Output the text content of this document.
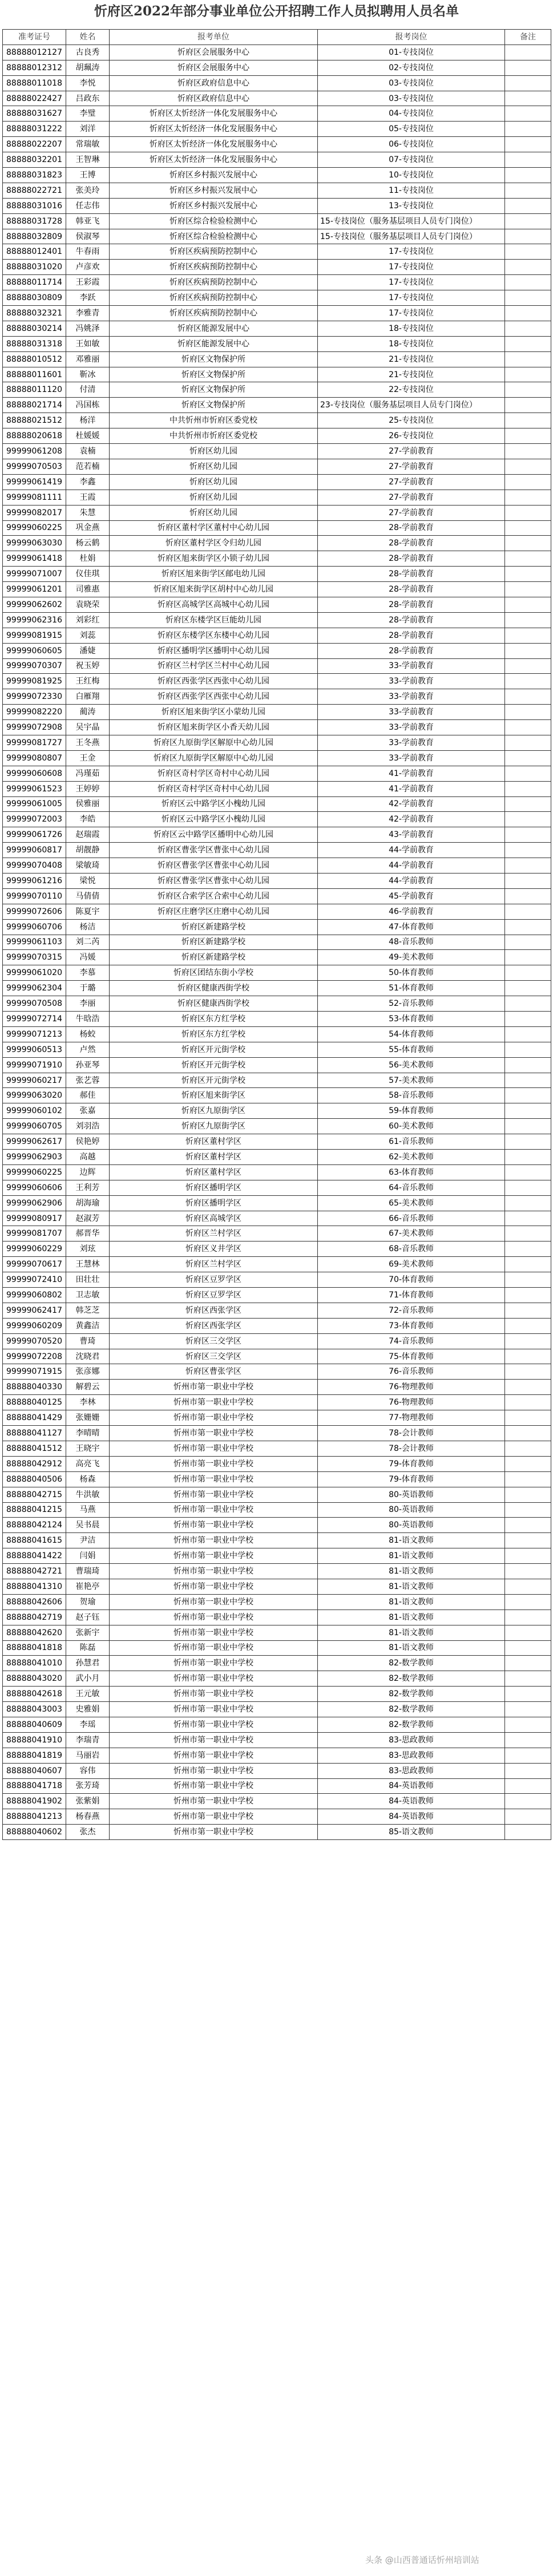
忻府区2022年部分事业单位公开招聘工作人员拟聘用人员名单
准考证号	姓名	报考单位	报考岗位	备注
88888012127	古良秀	忻府区会展服务中心	01-专技岗位	
88888012312	胡珮涛	忻府区会展服务中心	02-专技岗位	
88888011018	李悦	忻府区政府信息中心	03-专技岗位	
88888022427	吕政东	忻府区政府信息中心	03-专技岗位	
88888031627	李璧	忻府区太忻经济一体化发展服务中心	04-专技岗位	
88888031222	刘洋	忻府区太忻经济一体化发展服务中心	05-专技岗位	
88888022207	常瑞敏	忻府区太忻经济一体化发展服务中心	06-专技岗位	
88888032201	王智琳	忻府区太忻经济一体化发展服务中心	07-专技岗位	
88888031823	王博	忻府区乡村振兴发展中心	10-专技岗位	
88888022721	张美玲	忻府区乡村振兴发展中心	11-专技岗位	
88888031016	任志伟	忻府区乡村振兴发展中心	13-专技岗位	
88888031728	韩亚飞	忻府区综合检验检测中心	15-专技岗位（服务基层项目人员专门岗位）	
88888032809	侯淑琴	忻府区综合检验检测中心	15-专技岗位（服务基层项目人员专门岗位）	
88888012401	牛春雨	忻府区疾病预防控制中心	17-专技岗位	
88888031020	卢彦欢	忻府区疾病预防控制中心	17-专技岗位	
88888011714	王彩霞	忻府区疾病预防控制中心	17-专技岗位	
88888030809	李跃	忻府区疾病预防控制中心	17-专技岗位	
88888032321	李雅青	忻府区疾病预防控制中心	17-专技岗位	
88888030214	冯姚泽	忻府区能源发展中心	18-专技岗位	
88888031318	王如敏	忻府区能源发展中心	18-专技岗位	
88888010512	邓雅丽	忻府区文物保护所	21-专技岗位	
88888011601	靳冰	忻府区文物保护所	21-专技岗位	
88888011120	付清	忻府区文物保护所	22-专技岗位	
88888021714	冯国栋	忻府区文物保护所	23-专技岗位（服务基层项目人员专门岗位）	
88888021512	杨洋	中共忻州市忻府区委党校	25-专技岗位	
88888020618	杜媛媛	中共忻州市忻府区委党校	26-专技岗位	
99999061208	袁楠	忻府区幼儿园	27-学前教育	
99999070503	范若楠	忻府区幼儿园	27-学前教育	
99999061419	李鑫	忻府区幼儿园	27-学前教育	
99999081111	王霞	忻府区幼儿园	27-学前教育	
99999082017	朱慧	忻府区幼儿园	27-学前教育	
99999060225	巩金燕	忻府区董村学区董村中心幼儿园	28-学前教育	
99999063030	杨云鹤	忻府区董村学区令归幼儿园	28-学前教育	
99999061418	杜娟	忻府区旭来街学区小锁子幼儿园	28-学前教育	
99999071007	仪佳琪	忻府区旭来街学区邮电幼儿园	28-学前教育	
99999061201	司雅惠	忻府区旭来街学区胡村中心幼儿园	28-学前教育	
99999062602	袁晓荣	忻府区高城学区高城中心幼儿园	28-学前教育	
99999062316	刘彩红	忻府区东楼学区巨能幼儿园	28-学前教育	
99999081915	刘蕊	忻府区东楼学区东楼中心幼儿园	28-学前教育	
99999060605	潘婕	忻府区播明学区播明中心幼儿园	28-学前教育	
99999070307	祝玉婷	忻府区兰村学区兰村中心幼儿园	33-学前教育	
99999081925	王红梅	忻府区西张学区西张中心幼儿园	33-学前教育	
99999072330	白雁翔	忻府区西张学区西张中心幼儿园	33-学前教育	
99999082220	蔺涛	忻府区旭来街学区小蒙幼儿园	33-学前教育	
99999072908	吴宇晶	忻府区旭来街学区小香天幼儿园	33-学前教育	
99999081727	王冬燕	忻府区九原街学区解原中心幼儿园	33-学前教育	
99999080807	王金	忻府区九原街学区解原中心幼儿园	33-学前教育	
99999060608	冯瑾茹	忻府区奇村学区奇村中心幼儿园	41-学前教育	
99999061523	王婷婷	忻府区奇村学区奇村中心幼儿园	41-学前教育	
99999061005	侯雅丽	忻府区云中路学区小槐幼儿园	42-学前教育	
99999072003	李皓	忻府区云中路学区小槐幼儿园	42-学前教育	
99999061726	赵瑞霞	忻府区云中路学区播明中心幼儿园	43-学前教育	
99999060817	胡靓静	忻府区曹张学区曹张中心幼儿园	44-学前教育	
99999070408	梁敏琦	忻府区曹张学区曹张中心幼儿园	44-学前教育	
99999061216	梁悦	忻府区曹张学区曹张中心幼儿园	44-学前教育	
99999070110	马倩倩	忻府区合索学区合索中心幼儿园	45-学前教育	
99999072606	陈夏宇	忻府区庄磨学区庄磨中心幼儿园	46-学前教育	
99999060706	杨洁	忻府区新建路学校	47-体育教师	
99999061103	刘二芮	忻府区新建路学校	48-音乐教师	
99999070315	冯媛	忻府区新建路学校	49-美术教师	
99999061020	李慕	忻府区团结东街小学校	50-体育教师	
99999062304	于璐	忻府区健康西街学校	51-体育教师	
99999070508	李丽	忻府区健康西街学校	52-音乐教师	
99999072714	牛晗浩	忻府区东方红学校	53-体育教师	
99999071213	杨蛟	忻府区东方红学校	54-体育教师	
99999060513	卢然	忻府区开元街学校	55-体育教师	
99999071910	孙亚琴	忻府区开元街学校	56-美术教师	
99999060217	张艺蓉	忻府区开元街学校	57-美术教师	
99999063020	郝佳	忻府区旭来街学区	58-音乐教师	
99999060102	张嘉	忻府区九原街学区	59-体育教师	
99999060705	刘羽浩	忻府区九原街学区	60-美术教师	
99999062617	侯艳婷	忻府区董村学区	61-音乐教师	
99999062903	高越	忻府区董村学区	62-美术教师	
99999060225	边辉	忻府区董村学区	63-体育教师	
99999060606	王利芳	忻府区播明学区	64-音乐教师	
99999062906	胡海瑜	忻府区播明学区	65-美术教师	
99999080917	赵淑芳	忻府区高城学区	66-音乐教师	
99999081707	郝晋华	忻府区兰村学区	67-美术教师	
99999060229	刘玹	忻府区义井学区	68-音乐教师	
99999070617	王慧林	忻府区兰村学区	69-美术教师	
99999072410	田壮壮	忻府区豆罗学区	70-体育教师	
99999060802	卫志敏	忻府区豆罗学区	71-体育教师	
99999062417	韩芝芝	忻府区西张学区	72-音乐教师	
99999060209	黄鑫洁	忻府区西张学区	73-体育教师	
99999070520	曹琦	忻府区三交学区	74-音乐教师	
99999072208	沈晓君	忻府区三交学区	75-体育教师	
99999071915	张彦娜	忻府区曹张学区	76-音乐教师	
88888040330	解碧云	忻州市第一职业中学校	76-物理教师	
88888040125	李林	忻州市第一职业中学校	76-物理教师	
88888041429	张姗姗	忻州市第一职业中学校	77-物理教师	
88888041127	李晴晴	忻州市第一职业中学校	78-会计教师	
88888041512	王晓宇	忻州市第一职业中学校	78-会计教师	
88888042912	高亮飞	忻州市第一职业中学校	79-体育教师	
88888040506	杨森	忻州市第一职业中学校	79-体育教师	
88888042715	牛洪敏	忻州市第一职业中学校	80-英语教师	
88888041215	马燕	忻州市第一职业中学校	80-英语教师	
88888042124	吴书晨	忻州市第一职业中学校	80-英语教师	
88888041615	尹洁	忻州市第一职业中学校	81-语文教师	
88888041422	闫娟	忻州市第一职业中学校	81-语文教师	
88888042721	曹瑞琦	忻州市第一职业中学校	81-语文教师	
88888041310	崔艳亭	忻州市第一职业中学校	81-语文教师	
88888042606	贺瑜	忻州市第一职业中学校	81-语文教师	
88888042719	赵子钰	忻州市第一职业中学校	81-语文教师	
88888042620	张新宇	忻州市第一职业中学校	81-语文教师	
88888041818	陈磊	忻州市第一职业中学校	81-语文教师	
88888041010	孙慧君	忻州市第一职业中学校	82-数学教师	
88888043020	武小月	忻州市第一职业中学校	82-数学教师	
88888042618	王元敏	忻州市第一职业中学校	82-数学教师	
88888043003	史雅娟	忻州市第一职业中学校	82-数学教师	
88888040609	李瑶	忻州市第一职业中学校	82-数学教师	
88888041910	李瑞青	忻州市第一职业中学校	83-思政教师	
88888041819	马丽岩	忻州市第一职业中学校	83-思政教师	
88888040607	容伟	忻州市第一职业中学校	83-思政教师	
88888041718	张芳琦	忻州市第一职业中学校	84-英语教师	
88888041902	张紫娟	忻州市第一职业中学校	84-英语教师	
88888041213	杨春燕	忻州市第一职业中学校	84-英语教师	
88888040602	张杰	忻州市第一职业中学校	85-语文教师	
头条 @山西普通话忻州培训站
